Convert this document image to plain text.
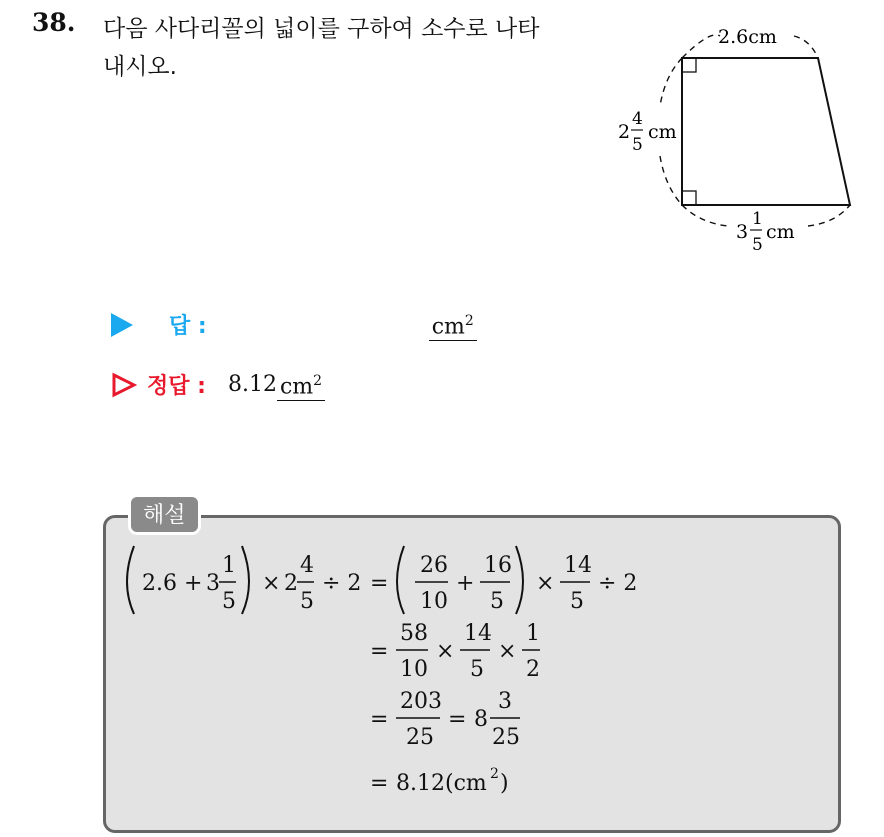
38. 다음 사다리꼴의 넓이를 구하여 소수로 나타
내시오.
2.6cm
2
4
5
cm
3
1
5
cm
답 :	$cm^2$
정답 : 8.12 $cm^2$
해설
2.6 + 3
1
5
× 2
4
5
÷ 2 =
26
10
+
16
5
×
14
5
÷ 2
=
58
10
×
14
5
×
1
2
=
203
25
= 8
3
25
= 8.12(cm 2 )
